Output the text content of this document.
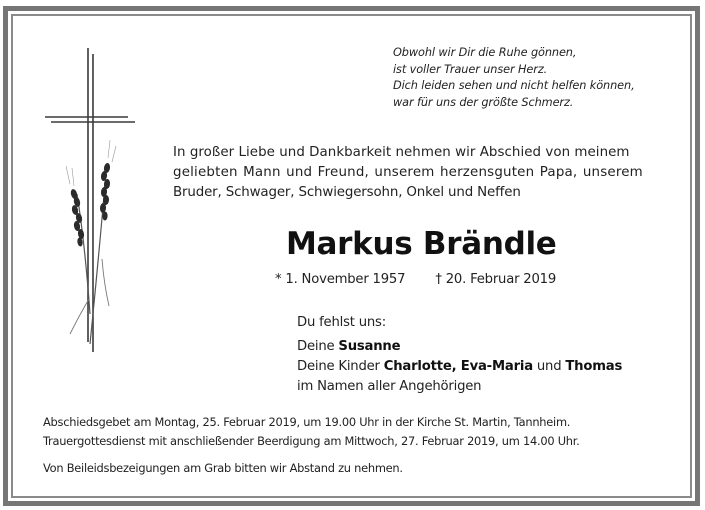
Obwohl wir Dir die Ruhe gönnen,
ist voller Trauer unser Herz.
Dich leiden sehen und nicht helfen können,
war für uns der größte Schmerz.
In großer Liebe und Dankbarkeit nehmen wir Abschied von meinem
geliebten Mann und Freund, unserem herzensguten Papa, unserem
Bruder, Schwager, Schwiegersohn, Onkel und Neffen
Markus Brändle
* 1. November 1957 † 20. Februar 2019
Du fehlst uns:
Deine Susanne
Deine Kinder Charlotte, Eva-Maria und Thomas
im Namen aller Angehörigen
Abschiedsgebet am Montag, 25. Februar 2019, um 19.00 Uhr in der Kirche St. Martin, Tannheim.
Trauergottesdienst mit anschließender Beerdigung am Mittwoch, 27. Februar 2019, um 14.00 Uhr.
Von Beileidsbezeigungen am Grab bitten wir Abstand zu nehmen.
